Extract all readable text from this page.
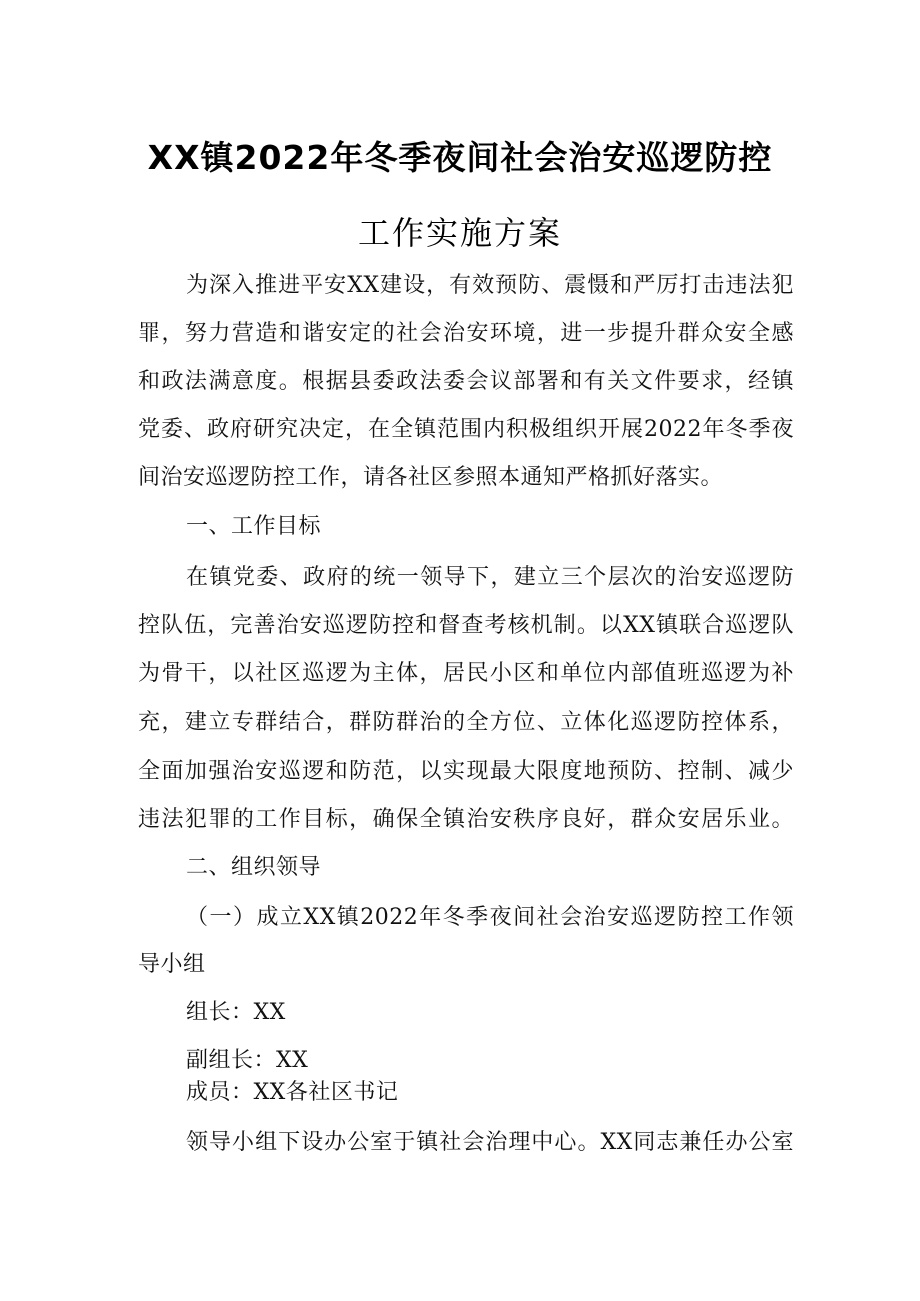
XX镇2022年冬季夜间社会治安巡逻防控
工作实施方案
为深入推进平安XX建设，有效预防、震慑和严厉打击违法犯
罪，努力营造和谐安定的社会治安环境，进一步提升群众安全感
和政法满意度。根据县委政法委会议部署和有关文件要求，经镇
党委、政府研究决定，在全镇范围内积极组织开展2022年冬季夜
间治安巡逻防控工作，请各社区参照本通知严格抓好落实。
一、工作目标
在镇党委、政府的统一领导下，建立三个层次的治安巡逻防
控队伍，完善治安巡逻防控和督查考核机制。以XX镇联合巡逻队
为骨干，以社区巡逻为主体，居民小区和单位内部值班巡逻为补
充，建立专群结合，群防群治的全方位、立体化巡逻防控体系，
全面加强治安巡逻和防范，以实现最大限度地预防、控制、减少
违法犯罪的工作目标，确保全镇治安秩序良好，群众安居乐业。
二、组织领导
（一）成立XX镇2022年冬季夜间社会治安巡逻防控工作领
导小组
组长：XX
副组长：XX
成员：XX各社区书记
领导小组下设办公室于镇社会治理中心。XX同志兼任办公室
